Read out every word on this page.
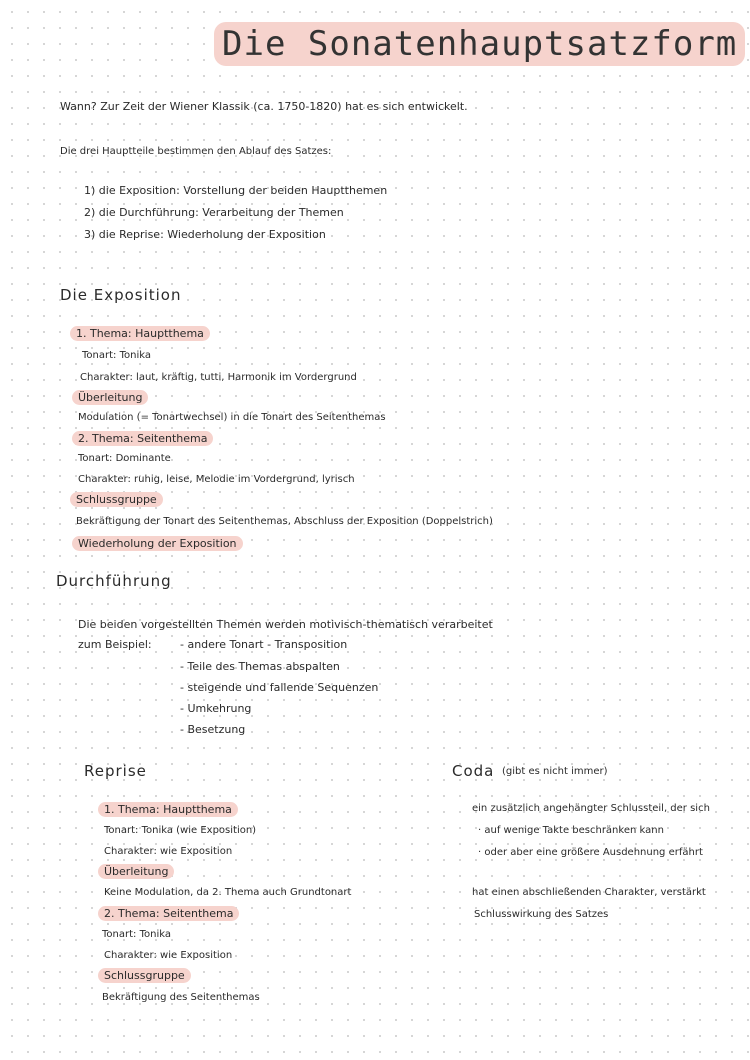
Die Sonatenhauptsatzform
Wann? Zur Zeit der Wiener Klassik (ca. 1750-1820) hat es sich entwickelt.
Die drei Hauptteile bestimmen den Ablauf des Satzes:
1) die Exposition: Vorstellung der beiden Hauptthemen
2) die Durchführung: Verarbeitung der Themen
3) die Reprise: Wiederholung der Exposition
Die Exposition
1. Thema: Hauptthema
Tonart: Tonika
Charakter: laut, kräftig, tutti, Harmonik im Vordergrund
Überleitung
Modulation (= Tonartwechsel) in die Tonart des Seitenthemas
2. Thema: Seitenthema
Tonart: Dominante
Charakter: ruhig, leise, Melodie im Vordergrund, lyrisch
Schlussgruppe
Bekräftigung der Tonart des Seitenthemas, Abschluss der Exposition (Doppelstrich)
Wiederholung der Exposition
Durchführung
Die beiden vorgestellten Themen werden motivisch-thematisch verarbeitet
zum Beispiel:	- andere Tonart - Transposition
- Teile des Themas abspalten
- steigende und fallende Sequenzen
- Umkehrung
- Besetzung
Reprise
1. Thema: Hauptthema
Tonart: Tonika (wie Exposition)
Charakter: wie Exposition
Überleitung
Keine Modulation, da 2. Thema auch Grundtonart
2. Thema: Seitenthema
Tonart: Tonika
Charakter: wie Exposition
Schlussgruppe
Bekräftigung des Seitenthemas
Coda (gibt es nicht immer)
ein zusätzlich angehängter Schlussteil, der sich
· auf wenige Takte beschränken kann
· oder aber eine größere Ausdehnung erfährt
hat einen abschließenden Charakter, verstärkt
Schlusswirkung des Satzes
